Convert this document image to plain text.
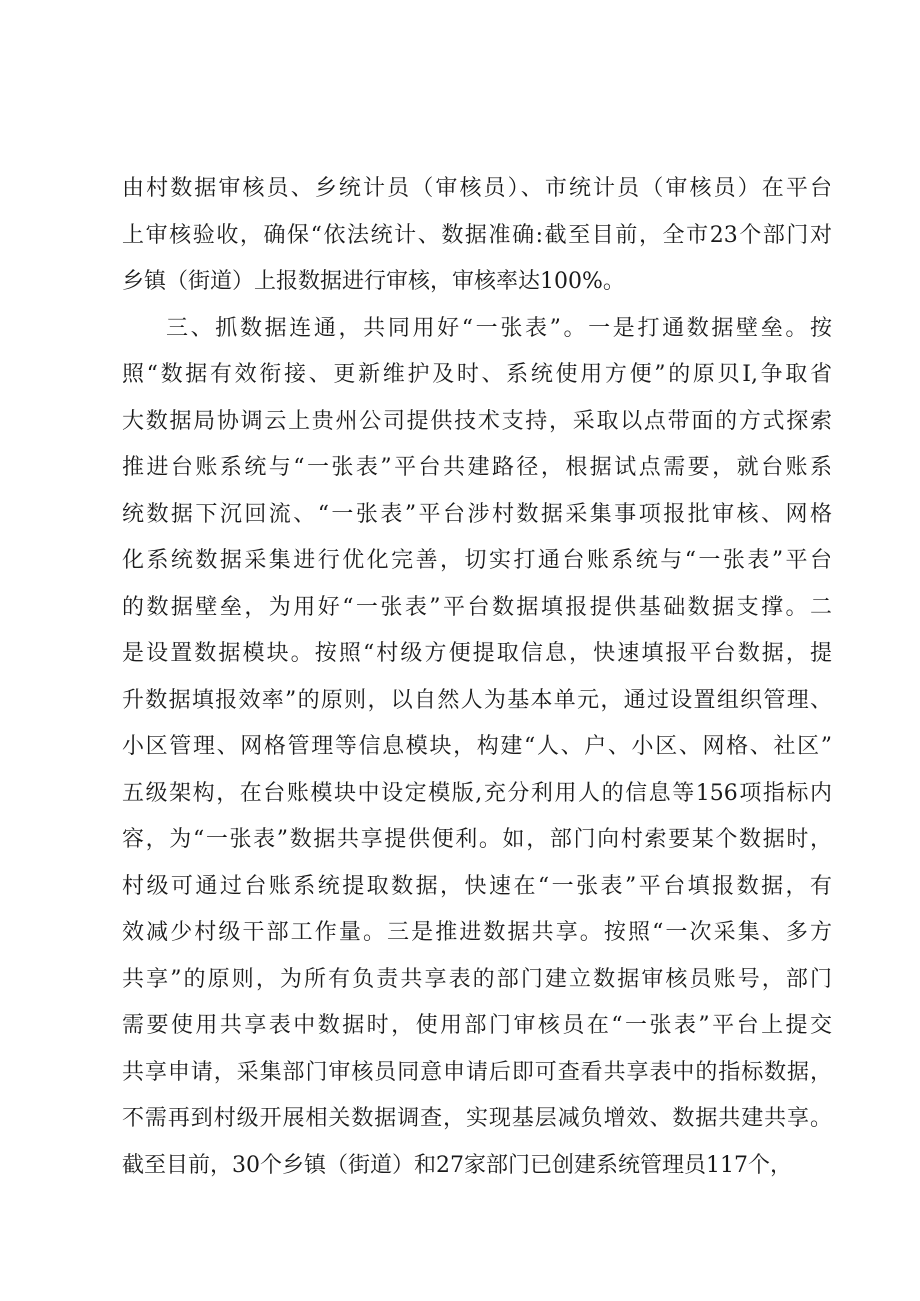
由村数据审核员、乡统计员（审核员）、市统计员（审核员）在平台
上审核验收，确保“依法统计、数据准确:截至目前，全市23个部门对
乡镇（街道）上报数据进行审核，审核率达100%。
三、抓数据连通，共同用好“一张表”。一是打通数据壁垒。按
照“数据有效衔接、更新维护及时、系统使用方便”的原贝I,争取省
大数据局协调云上贵州公司提供技术支持，采取以点带面的方式探索
推进台账系统与“一张表”平台共建路径，根据试点需要，就台账系
统数据下沉回流、“一张表”平台涉村数据采集事项报批审核、网格
化系统数据采集进行优化完善，切实打通台账系统与“一张表”平台
的数据壁垒，为用好“一张表”平台数据填报提供基础数据支撑。二
是设置数据模块。按照“村级方便提取信息，快速填报平台数据，提
升数据填报效率”的原则，以自然人为基本单元，通过设置组织管理、
小区管理、网格管理等信息模块，构建“人、户、小区、网格、社区”
五级架构，在台账模块中设定模版,充分利用人的信息等156项指标内
容，为“一张表”数据共享提供便利。如，部门向村索要某个数据时，
村级可通过台账系统提取数据，快速在“一张表”平台填报数据，有
效减少村级干部工作量。三是推进数据共享。按照“一次采集、多方
共享”的原则，为所有负责共享表的部门建立数据审核员账号，部门
需要使用共享表中数据时，使用部门审核员在“一张表”平台上提交
共享申请，采集部门审核员同意申请后即可查看共享表中的指标数据，
不需再到村级开展相关数据调查，实现基层减负增效、数据共建共享。
截至目前，30个乡镇（街道）和27家部门已创建系统管理员117个，
